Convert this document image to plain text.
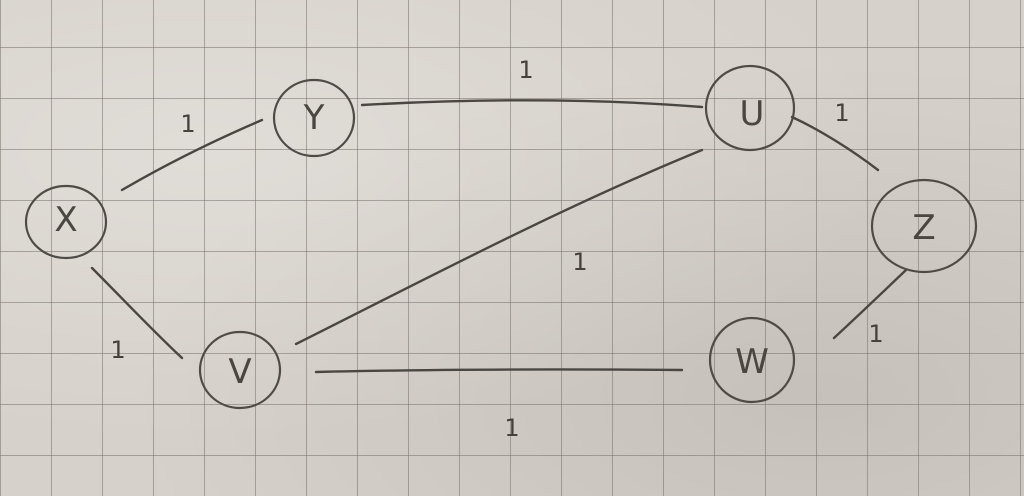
1
1
1
1
1
1
1
X
Y	U
Z
V	W
